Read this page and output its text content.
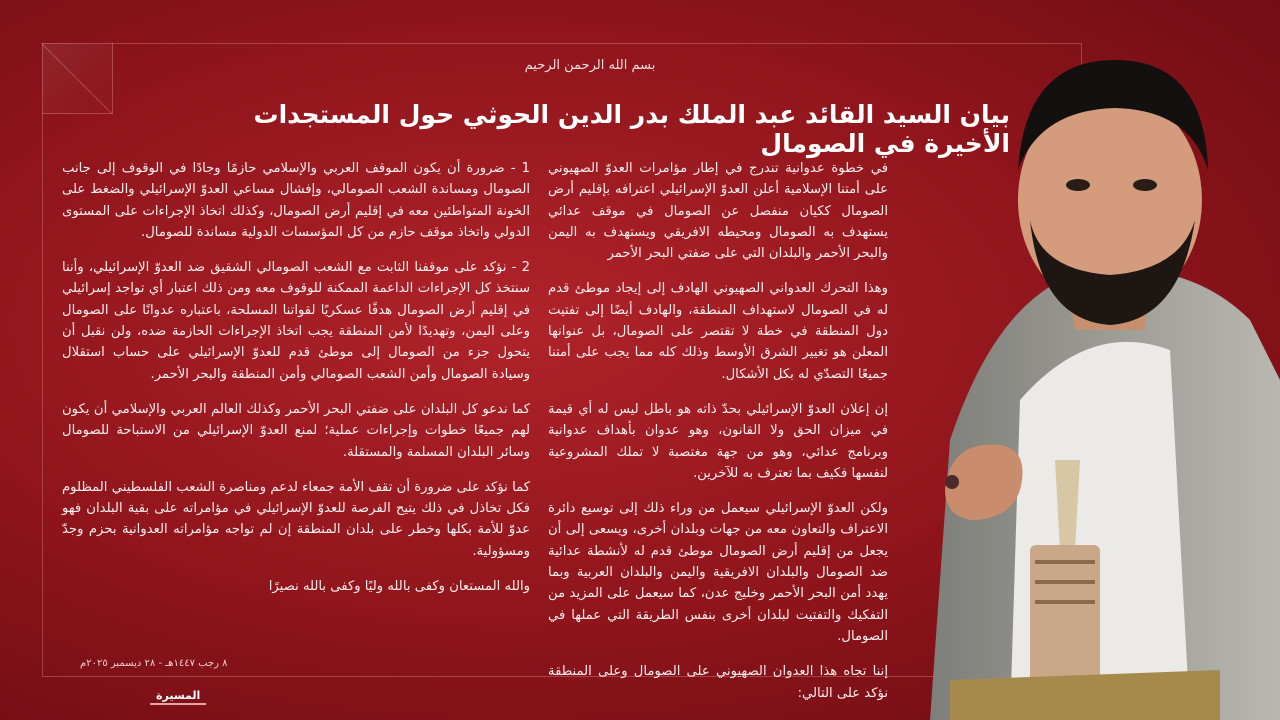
بسم الله الرحمن الرحيم
بيان السيد القائد عبد الملك بدر الدين الحوثي حول المستجدات الأخيرة في الصومال

في خطوة عدوانية تندرج في إطار مؤامرات العدوّ الصهيوني على أمتنا الإسلامية أعلن العدوّ الإسرائيلي اعترافه بإقليم أرض الصومال ككيان منفصل عن الصومال في موقف عدائي يستهدف به الصومال ومحيطه الافريقي ويستهدف به اليمن والبحر الأحمر والبلدان التي على ضفتي البحر الأحمر

وهذا التحرك العدواني الصهيوني الهادف إلى إيجاد موطئ قدم له في الصومال لاستهداف المنطقة، والهادف أيضًا إلى تفتيت دول المنطقة في خطة لا تقتصر على الصومال، بل عنوانها المعلن هو تغيير الشرق الأوسط وذلك كله مما يجب على أمتنا جميعًا التصدّي له بكل الأشكال.

إن إعلان العدوّ الإسرائيلي بحدّ ذاته هو باطل ليس له أي قيمة في ميزان الحق ولا القانون، وهو عدوان بأهداف عدوانية وبرنامج عدائي، وهو من جهة مغتصبة لا تملك المشروعية لنفسها فكيف بما تعترف به للآخرين.

ولكن العدوّ الإسرائيلي سيعمل من وراء ذلك إلى توسيع دائرة الاعتراف والتعاون معه من جهات وبلدان أخرى، ويسعى إلى أن يجعل من إقليم أرض الصومال موطئ قدم له لأنشطة عدائية ضد الصومال والبلدان الافريقية واليمن والبلدان العربية وبما يهدد أمن البحر الأحمر وخليج عدن، كما سيعمل على المزيد من التفكيك والتفتيت لبلدان أخرى بنفس الطريقة التي عملها في الصومال.

إننا تجاه هذا العدوان الصهيوني على الصومال وعلى المنطقة نؤكد على التالي:

1 - ضرورة أن يكون الموقف العربي والإسلامي حازمًا وجادًا في الوقوف إلى جانب الصومال ومساندة الشعب الصومالي، وإفشال مساعي العدوّ الإسرائيلي والضغط على الخونة المتواطئين معه في إقليم أرض الصومال، وكذلك اتخاذ الإجراءات على المستوى الدولي واتخاذ موقف حازم من كل المؤسسات الدولية مساندة للصومال.

2 - نؤكد على موقفنا الثابت مع الشعب الصومالي الشقيق ضد العدوّ الإسرائيلي، وأننا سنتخذ كل الإجراءات الداعمة الممكنة للوقوف معه ومن ذلك اعتبار أي تواجد إسرائيلي في إقليم أرض الصومال هدفًا عسكريًا لقواتنا المسلحة، باعتباره عدوانًا على الصومال وعلى اليمن، وتهديدًا لأمن المنطقة يجب اتخاذ الإجراءات الحازمة ضده، ولن نقبل أن يتحول جزء من الصومال إلى موطئ قدم للعدوّ الإسرائيلي على حساب استقلال وسيادة الصومال وأمن الشعب الصومالي وأمن المنطقة والبحر الأحمر.

كما ندعو كل البلدان على ضفتي البحر الأحمر وكذلك العالم العربي والإسلامي أن يكون لهم جميعًا خطوات وإجراءات عملية؛ لمنع العدوّ الإسرائيلي من الاستباحة للصومال وسائر البلدان المسلمة والمستقلة.

كما نؤكد على ضرورة أن تقف الأمة جمعاء لدعم ومناصرة الشعب الفلسطيني المظلوم فكل تخاذل في ذلك يتيح الفرصة للعدوّ الإسرائيلي في مؤامراته على بقية البلدان فهو عدوّ للأمة بكلها وخطر على بلدان المنطقة إن لم تواجه مؤامراته العدوانية بحزم وجدّ ومسؤولية.

والله المستعان وكفى بالله وليًا وكفى بالله نصيرًا

٨ رجب ١٤٤٧هـ - ٢٨ ديسمبر ٢٠٢٥م
المسيرة
